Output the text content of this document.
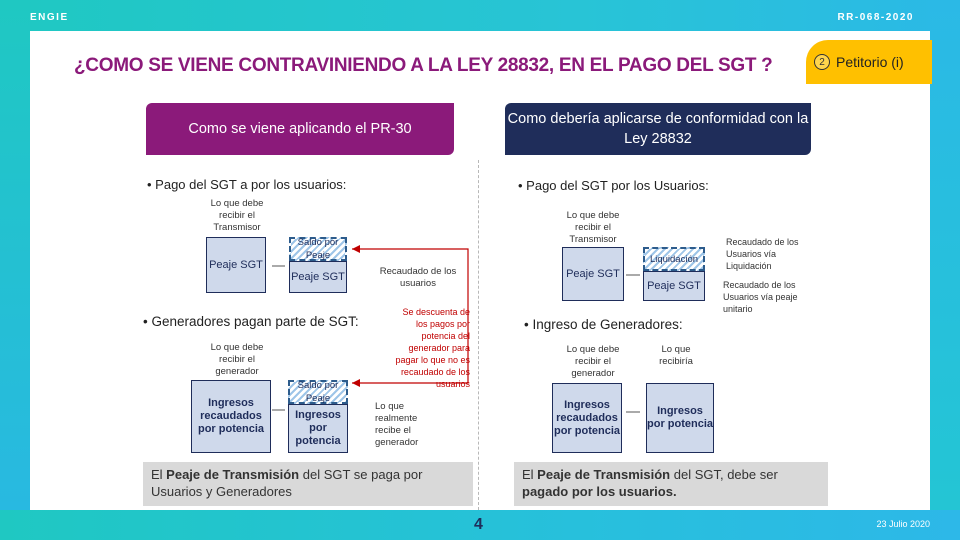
ENGIE	RR-068-2020
¿COMO SE VIENE CONTRAVINIENDO A LA LEY 28832, EN EL PAGO DEL SGT ?	2 Petitorio (i)
Como se viene aplicando el PR-30
Como debería aplicarse de conformidad con la Ley 28832
• Pago del SGT a por los usuarios:
Lo que debe recibir el Transmisor
Peaje SGT
Saldo por Peaje
Peaje SGT	Recaudado de los usuarios
• Generadores pagan parte de SGT:
Se descuenta de los pagos por potencia del generador para pagar lo que no es recaudado de los usuarios
Lo que debe recibir el generador
Ingresos recaudados por potencia
Saldo por Peaje
Ingresos por potencia
Lo que realmente recibe el generador
El Peaje de Transmisión del SGT se paga por Usuarios y Generadores
• Pago del SGT por los Usuarios:
Lo que debe recibir el Transmisor
Peaje SGT
Liquidación
Peaje SGT
Recaudado de los Usuarios vía Liquidación
Recaudado de los Usuarios vía peaje unitario
• Ingreso de Generadores:
Lo que debe recibir el generador
Lo que recibiría
Ingresos recaudados por potencia
Ingresos por potencia
El Peaje de Transmisión del SGT, debe ser pagado por los usuarios.
4	23 Julio 2020
